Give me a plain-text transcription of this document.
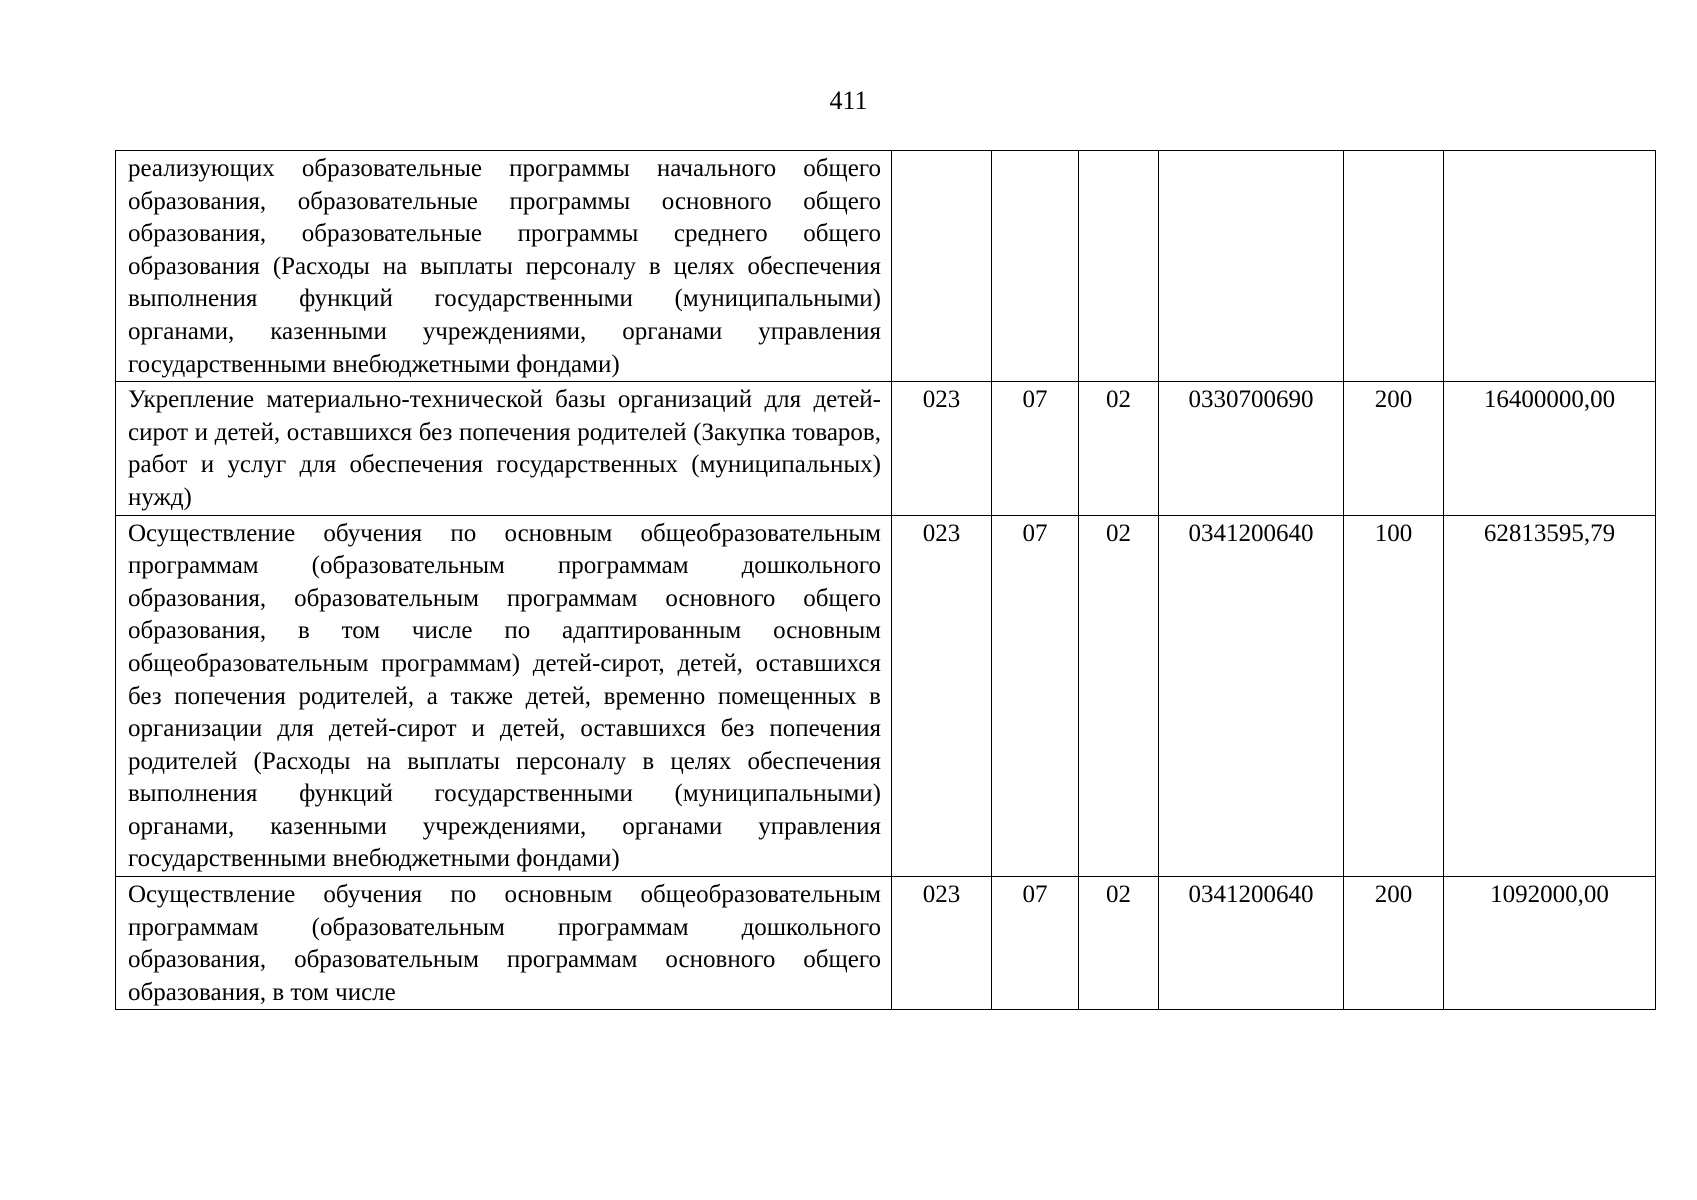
411
реализующих образовательные программы начального общего образования, образовательные программы основного общего образования, образовательные программы среднего общего образования (Расходы на выплаты персоналу в целях обеспечения выполнения функций государственными (муниципальными) органами, казенными учреждениями, органами управления государственными внебюджетными фондами)						
Укрепление материально-технической базы организаций для детей-сирот и детей, оставшихся без попечения родителей (Закупка товаров, работ и услуг для обеспечения государственных (муниципальных) нужд)	023	07	02	0330700690	200	16400000,00
Осуществление обучения по основным общеобразовательным программам (образовательным программам дошкольного образования, образовательным программам основного общего образования, в том числе по адаптированным основным общеобразовательным программам) детей-сирот, детей, оставшихся без попечения родителей, а также детей, временно помещенных в организации для детей-сирот и детей, оставшихся без попечения родителей (Расходы на выплаты персоналу в целях обеспечения выполнения функций государственными (муниципальными) органами, казенными учреждениями, органами управления государственными внебюджетными фондами)	023	07	02	0341200640	100	62813595,79
Осуществление обучения по основным общеобразовательным программам (образовательным программам дошкольного образования, образовательным программам основного общего образования, в том числе	023	07	02	0341200640	200	1092000,00
